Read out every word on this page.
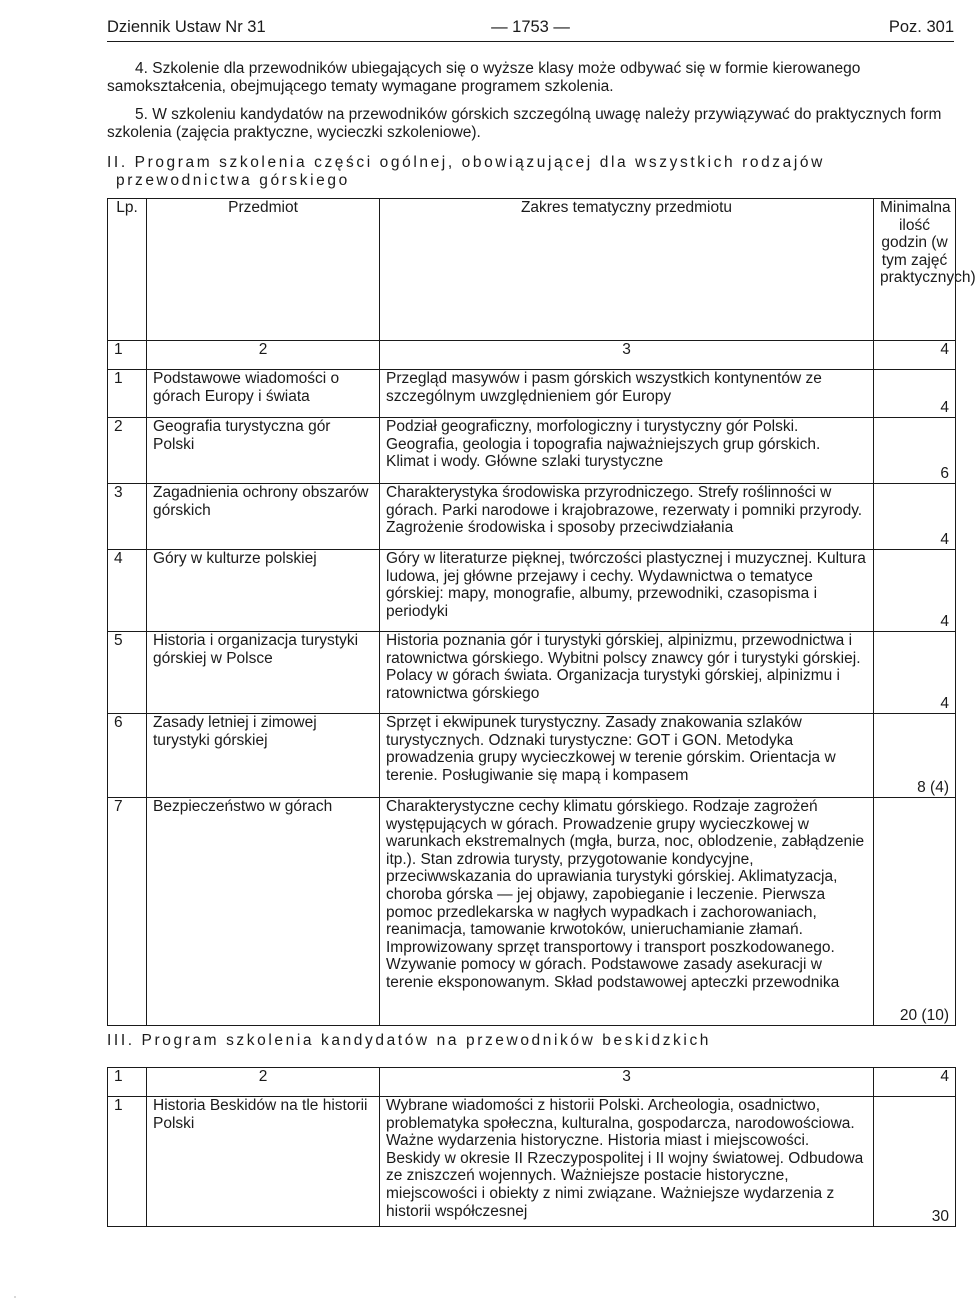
Dziennik Ustaw Nr 31	— 1753 —	Poz. 301

4. Szkolenie dla przewodników ubiegających się o wyższe klasy może odbywać się w formie kierowanego samokształcenia, obejmującego tematy wymagane programem szkolenia.

5. W szkoleniu kandydatów na przewodników górskich szczególną uwagę należy przywiązywać do praktycznych form szkolenia (zajęcia praktyczne, wycieczki szkoleniowe).

II. Program szkolenia części ogólnej, obowiązującej dla wszystkich rodzajów przewodnictwa górskiego

Lp.	Przedmiot	Zakres tematyczny przedmiotu	Minimalna ilość godzin (w tym zajęć praktycznych)
1	2	3	4
1	Podstawowe wiadomości o górach Europy i świata	Przegląd masywów i pasm górskich wszystkich kontynentów ze szczególnym uwzględnieniem gór Europy	4
2	Geografia turystyczna gór Polski	Podział geograficzny, morfologiczny i turystyczny gór Polski. Geografia, geologia i topografia najważniejszych grup górskich. Klimat i wody. Główne szlaki turystyczne	6
3	Zagadnienia ochrony obszarów górskich	Charakterystyka środowiska przyrodniczego. Strefy roślinności w górach. Parki narodowe i krajobrazowe, rezerwaty i pomniki przyrody. Zagrożenie środowiska i sposoby przeciwdziałania	4
4	Góry w kulturze polskiej	Góry w literaturze pięknej, twórczości plastycznej i muzycznej. Kultura ludowa, jej główne przejawy i cechy. Wydawnictwa o tematyce górskiej: mapy, monografie, albumy, przewodniki, czasopisma i periodyki	4
5	Historia i organizacja turystyki górskiej w Polsce	Historia poznania gór i turystyki górskiej, alpinizmu, przewodnictwa i ratownictwa górskiego. Wybitni polscy znawcy gór i turystyki górskiej. Polacy w górach świata. Organizacja turystyki górskiej, alpinizmu i ratownictwa górskiego	4
6	Zasady letniej i zimowej turystyki górskiej	Sprzęt i ekwipunek turystyczny. Zasady znakowania szlaków turystycznych. Odznaki turystyczne: GOT i GON. Metodyka prowadzenia grupy wycieczkowej w terenie górskim. Orientacja w terenie. Posługiwanie się mapą i kompasem	8 (4)
7	Bezpieczeństwo w górach	Charakterystyczne cechy klimatu górskiego. Rodzaje zagrożeń występujących w górach. Prowadzenie grupy wycieczkowej w warunkach ekstremalnych (mgła, burza, noc, oblodzenie, zabłądzenie itp.). Stan zdrowia turysty, przygotowanie kondycyjne, przeciwwskazania do uprawiania turystyki górskiej. Aklimatyzacja, choroba górska — jej objawy, zapobieganie i leczenie. Pierwsza pomoc przedlekarska w nagłych wypadkach i zachorowaniach, reanimacja, tamowanie krwotoków, unieruchamianie złamań. Improwizowany sprzęt transportowy i transport poszkodowanego. Wzywanie pomocy w górach. Podstawowe zasady asekuracji w terenie eksponowanym. Skład podstawowej apteczki przewodnika	20 (10)

III. Program szkolenia kandydatów na przewodników beskidzkich

1	2	3	4
1	Historia Beskidów na tle historii Polski	Wybrane wiadomości z historii Polski. Archeologia, osadnictwo, problematyka społeczna, kulturalna, gospodarcza, narodowościowa. Ważne wydarzenia historyczne. Historia miast i miejscowości. Beskidy w okresie II Rzeczypospolitej i II wojny światowej. Odbudowa ze zniszczeń wojennych. Ważniejsze postacie historyczne, miejscowości i obiekty z nimi związane. Ważniejsze wydarzenia z historii współczesnej	30
